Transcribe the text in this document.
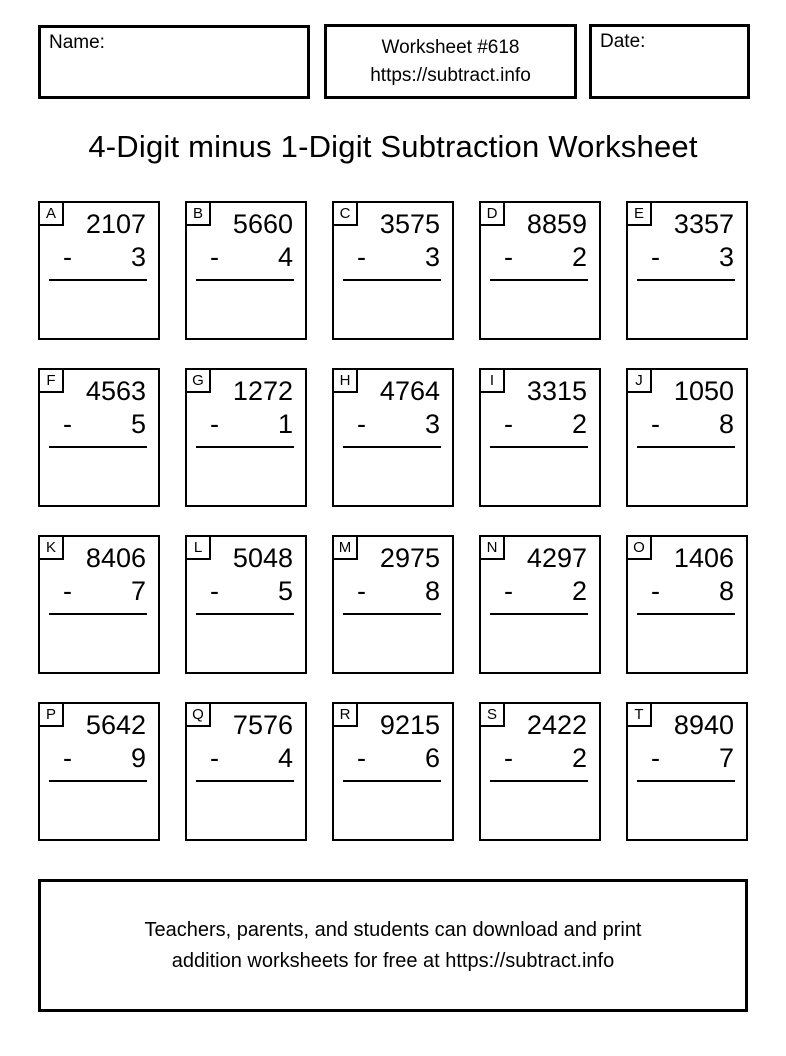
Name:	Worksheet #618
https://subtract.info
Date:
4-Digit minus 1-Digit Subtraction Worksheet
A	2107
- 3
B	5660
- 4
C	3575
- 3
D	8859
- 2
E	3357
- 3
F	4563
- 5
G	1272
- 1
H	4764
- 3
I	3315
- 2
J	1050
- 8
K	8406
- 7
L	5048
- 5
M	2975
- 8
N	4297
- 2
O	1406
- 8
P	5642
- 9
Q	7576
- 4
R	9215
- 6
S	2422
- 2
T	8940
- 7
Teachers, parents, and students can download and print
addition worksheets for free at https://subtract.info
